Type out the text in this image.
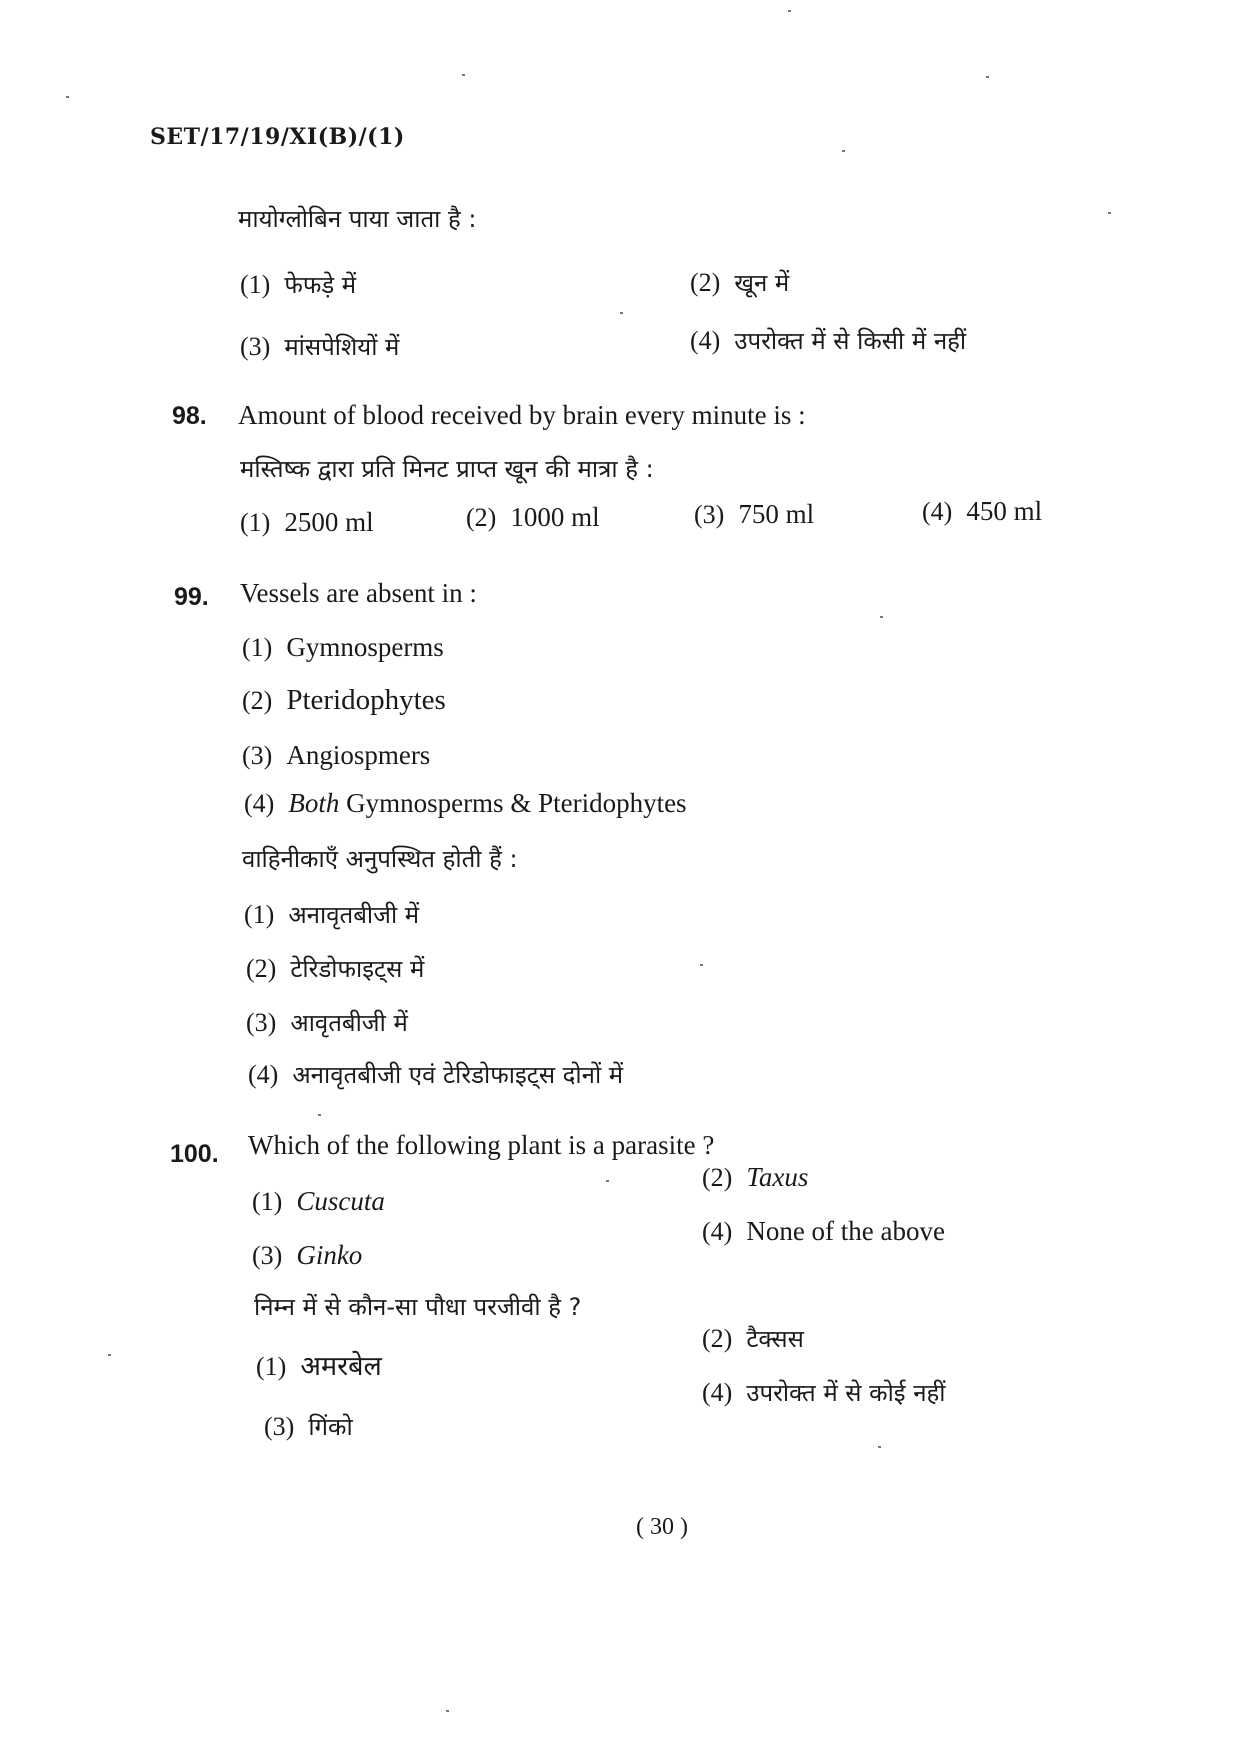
SET/17/19/XI(B)/(1)
मायोग्लोबिन पाया जाता है :
(1) फेफड़े में	(2) खून में
(3) मांसपेशियों में	(4) उपरोक्त में से किसी में नहीं
98. Amount of blood received by brain every minute is :
मस्तिष्क द्वारा प्रति मिनट प्राप्त खून की मात्रा है :
(1) 2500 ml	(2) 1000 ml	(3) 750 ml	(4) 450 ml
99. Vessels are absent in :
(1) Gymnosperms
(2) Pteridophytes
(3) Angiospmers
(4) Both Gymnosperms & Pteridophytes
वाहिनीकाएँ अनुपस्थित होती हैं :
(1) अनावृतबीजी में
(2) टेरिडोफाइट्स में
(3) आवृतबीजी में
(4) अनावृतबीजी एवं टेरिडोफाइट्स दोनों में
100. Which of the following plant is a parasite ?
(1) Cuscuta
(2) Taxus
(3) Ginko
(4) None of the above
निम्न में से कौन-सा पौधा परजीवी है ?
(1) अमरबेल
(2) टैक्सस
(3) गिंको
(4) उपरोक्त में से कोई नहीं
( 30 )
